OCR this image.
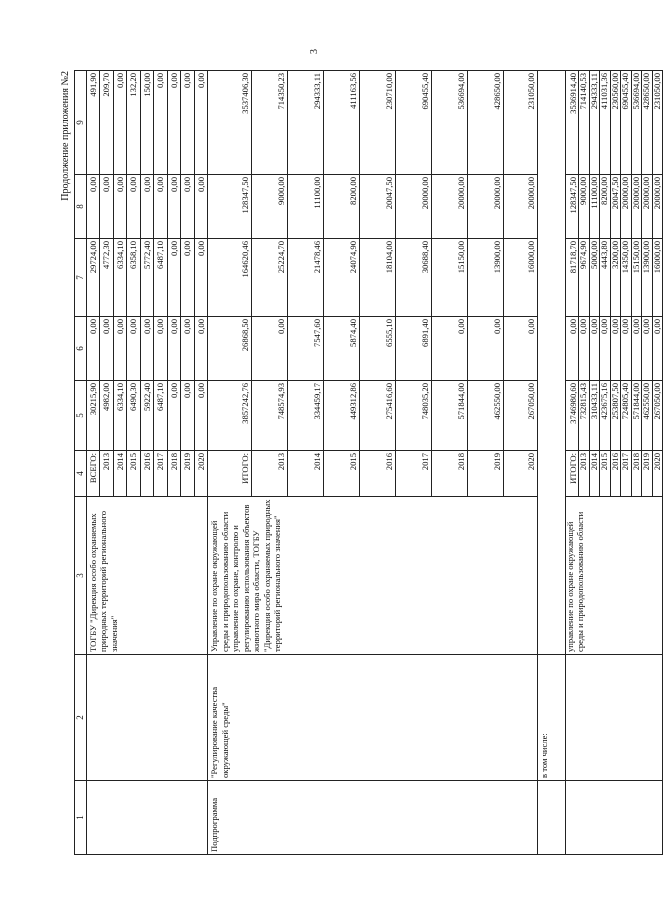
3
Продолжение приложения №2
1	2	3	4	5	6	7	8	9
		ТОГБУ "Дирекция особо охраняемых природных территорий регионального значения"	ВСЕГО:	30215,90	0,00	29724,00	0,00	491,90
			2013	4982,00	0,00	4772,30	0,00	209,70
			2014	6334,10	0,00	6334,10	0,00	0,00
			2015	6490,30	0,00	6358,10	0,00	132,20
			2016	5922,40	0,00	5772,40	0,00	150,00
			2017	6487,10	0,00	6487,10	0,00	0,00
			2018	0,00	0,00	0,00	0,00	0,00
			2019	0,00	0,00	0,00	0,00	0,00
			2020	0,00	0,00	0,00	0,00	0,00
Подпрограмма	"Регулирование качества окружающей среды"	Управление по охране окружающей среды и природопользованию области управление по охране, контролю и регулированию использования объектов животного мира области, ТОГБУ "Дирекция особо охраняемых природных территорий регионального значения"	ИТОГО:	3857242,76	26868,50	164620,46	128347,50	3537406,30
			2013	748574,93	0,00	25224,70	9000,00	714350,23
			2014	334459,17	7547,60	21478,46	11100,00	294333,11
			2015	449312,86	5874,40	24074,90	8200,00	411163,56
			2016	275416,60	6555,10	18104,00	20047,50	230710,00
			2017	748035,20	6891,40	30688,40	20000,00	690455,40
			2018	571844,00	0,00	15150,00	20000,00	536694,00
			2019	462550,00	0,00	13900,00	20000,00	428650,00
			2020	267050,00	0,00	16000,00	20000,00	231050,00
	в том числе:							
		управление по охране окружающей среды и природопользованию области	ИТОГО:	3746980,60	0,00	81718,70	128347,50	3536914,40
			2013	732815,43	0,00	9674,90	9000,00	714140,53
			2014	310433,11	0,00	5000,00	11100,00	294333,11
			2015	423675,16	0,00	4443,80	8200,00	411031,36
			2016	253807,50	0,00	3200,00	20047,50	230560,00
			2017	724805,40	0,00	14350,00	20000,00	690455,40
			2018	571844,00	0,00	15150,00	20000,00	536694,00
			2019	462550,00	0,00	13900,00	20000,00	428650,00
			2020	267050,00	0,00	16000,00	20000,00	231050,00
